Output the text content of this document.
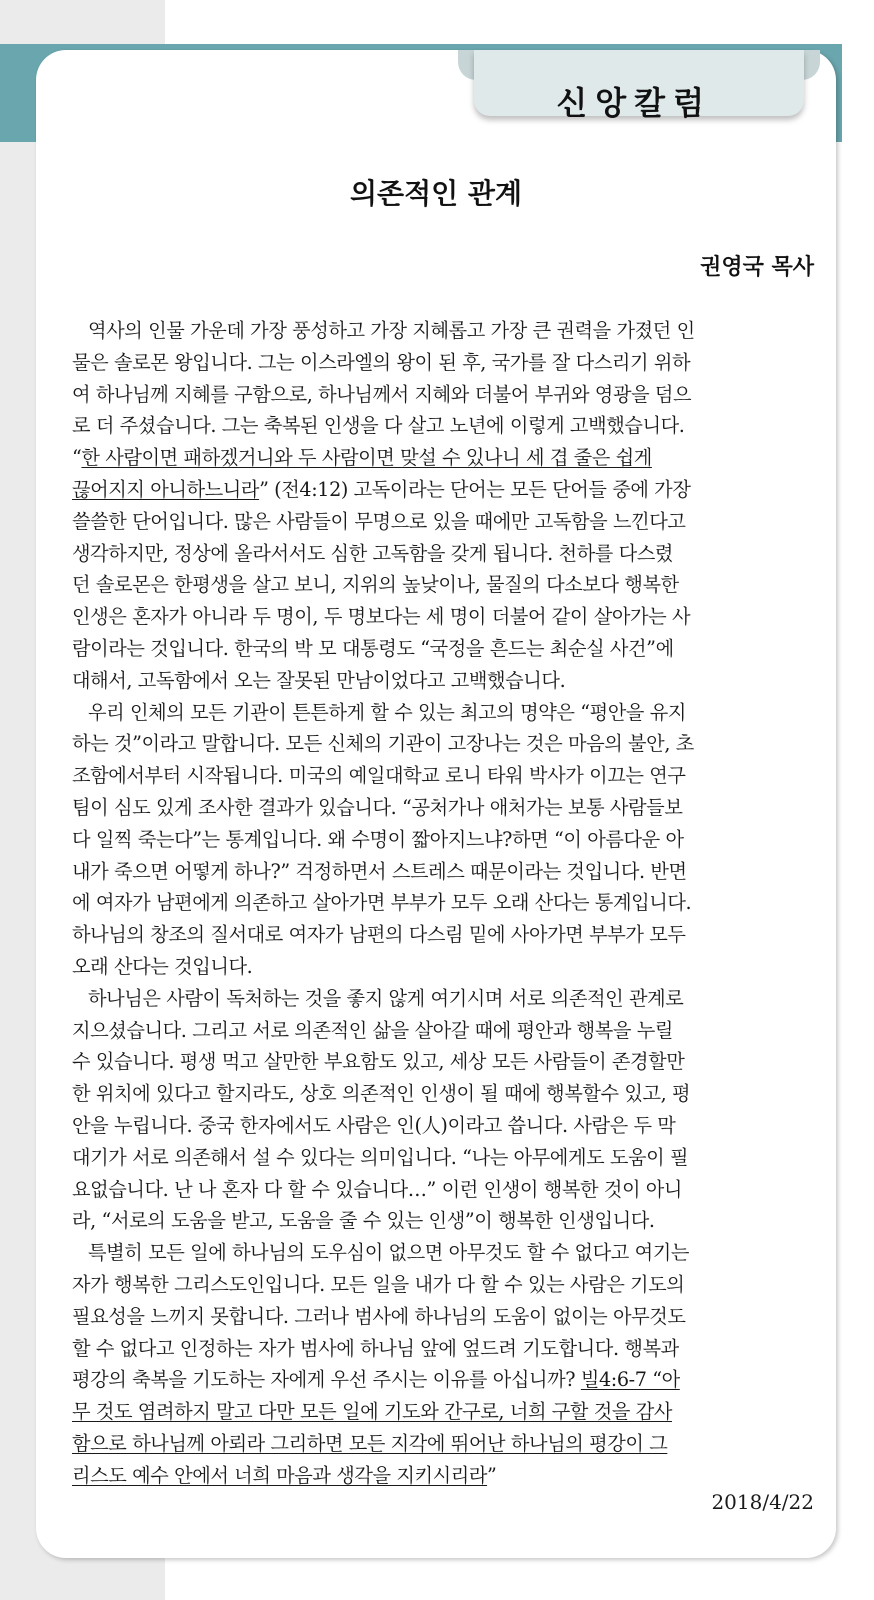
신앙칼럼
의존적인 관계
권영국 목사
역사의 인물 가운데 가장 풍성하고 가장 지혜롭고 가장 큰 권력을 가졌던 인
물은 솔로몬 왕입니다. 그는 이스라엘의 왕이 된 후, 국가를 잘 다스리기 위하
여 하나님께 지혜를 구함으로, 하나님께서 지혜와 더불어 부귀와 영광을 덤으
로 더 주셨습니다. 그는 축복된 인생을 다 살고 노년에 이렇게 고백했습니다.
“한 사람이면 패하겠거니와 두 사람이면 맞설 수 있나니 세 겹 줄은 쉽게
끊어지지 아니하느니라” (전4:12) 고독이라는 단어는 모든 단어들 중에 가장
쓸쓸한 단어입니다. 많은 사람들이 무명으로 있을 때에만 고독함을 느낀다고
생각하지만, 정상에 올라서서도 심한 고독함을 갖게 됩니다. 천하를 다스렸
던 솔로몬은 한평생을 살고 보니, 지위의 높낮이나, 물질의 다소보다 행복한
인생은 혼자가 아니라 두 명이, 두 명보다는 세 명이 더불어 같이 살아가는 사
람이라는 것입니다. 한국의 박 모 대통령도 “국정을 흔드는 최순실 사건”에
대해서, 고독함에서 오는 잘못된 만남이었다고 고백했습니다.
우리 인체의 모든 기관이 튼튼하게 할 수 있는 최고의 명약은 “평안을 유지
하는 것”이라고 말합니다. 모든 신체의 기관이 고장나는 것은 마음의 불안, 초
조함에서부터 시작됩니다. 미국의 예일대학교 로니 타워 박사가 이끄는 연구
팀이 심도 있게 조사한 결과가 있습니다. “공처가나 애처가는 보통 사람들보
다 일찍 죽는다”는 통계입니다. 왜 수명이 짧아지느냐?하면 “이 아름다운 아
내가 죽으면 어떻게 하나?” 걱정하면서 스트레스 때문이라는 것입니다. 반면
에 여자가 남편에게 의존하고 살아가면 부부가 모두 오래 산다는 통계입니다.
하나님의 창조의 질서대로 여자가 남편의 다스림 밑에 사아가면 부부가 모두
오래 산다는 것입니다.
하나님은 사람이 독처하는 것을 좋지 않게 여기시며 서로 의존적인 관계로
지으셨습니다. 그리고 서로 의존적인 삶을 살아갈 때에 평안과 행복을 누릴
수 있습니다. 평생 먹고 살만한 부요함도 있고, 세상 모든 사람들이 존경할만
한 위치에 있다고 할지라도, 상호 의존적인 인생이 될 때에 행복할수 있고, 평
안을 누립니다. 중국 한자에서도 사람은 인(人)이라고 씁니다. 사람은 두 막
대기가 서로 의존해서 설 수 있다는 의미입니다. “나는 아무에게도 도움이 필
요없습니다. 난 나 혼자 다 할 수 있습니다…” 이런 인생이 행복한 것이 아니
라, “서로의 도움을 받고, 도움을 줄 수 있는 인생”이 행복한 인생입니다.
특별히 모든 일에 하나님의 도우심이 없으면 아무것도 할 수 없다고 여기는
자가 행복한 그리스도인입니다. 모든 일을 내가 다 할 수 있는 사람은 기도의
필요성을 느끼지 못합니다. 그러나 범사에 하나님의 도움이 없이는 아무것도
할 수 없다고 인정하는 자가 범사에 하나님 앞에 엎드려 기도합니다. 행복과
평강의 축복을 기도하는 자에게 우선 주시는 이유를 아십니까? 빌4:6-7 “아
무 것도 염려하지 말고 다만 모든 일에 기도와 간구로, 너희 구할 것을 감사
함으로 하나님께 아뢰라 그리하면 모든 지각에 뛰어난 하나님의 평강이 그
리스도 예수 안에서 너희 마음과 생각을 지키시리라”
2018/4/22
